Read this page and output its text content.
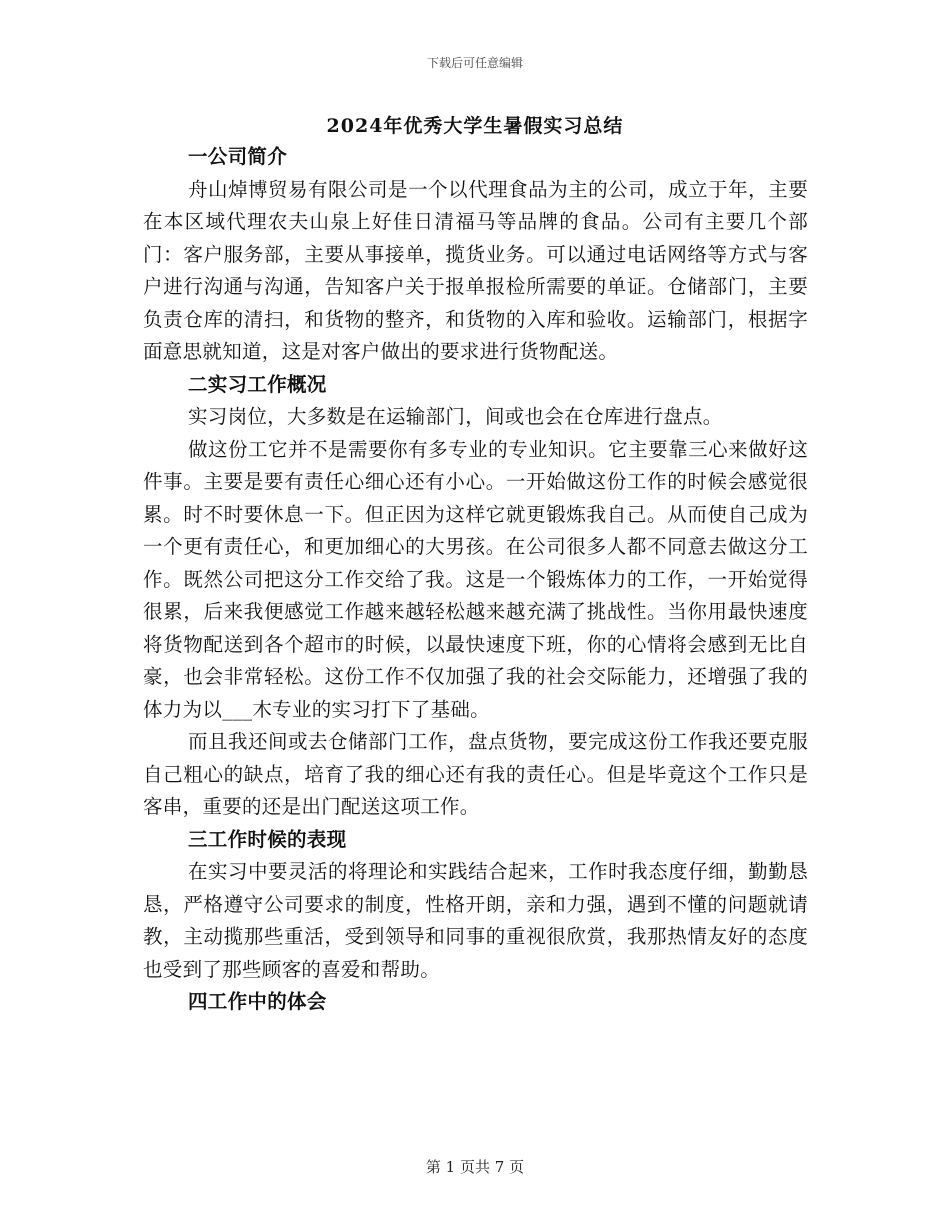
下载后可任意编辑
2024年优秀大学生暑假实习总结

一公司简介

舟山焯博贸易有限公司是一个以代理食品为主的公司，成立于年，主要在本区域代理农夫山泉上好佳日清福马等品牌的食品。公司有主要几个部门：客户服务部，主要从事接单，揽货业务。可以通过电话网络等方式与客户进行沟通与沟通，告知客户关于报单报检所需要的单证。仓储部门，主要负责仓库的清扫，和货物的整齐，和货物的入库和验收。运输部门，根据字面意思就知道，这是对客户做出的要求进行货物配送。

二实习工作概况

实习岗位，大多数是在运输部门，间或也会在仓库进行盘点。

做这份工它并不是需要你有多专业的专业知识。它主要靠三心来做好这件事。主要是要有责任心细心还有小心。一开始做这份工作的时候会感觉很累。时不时要休息一下。但正因为这样它就更锻炼我自己。从而使自己成为一个更有责任心，和更加细心的大男孩。在公司很多人都不同意去做这分工作。既然公司把这分工作交给了我。这是一个锻炼体力的工作，一开始觉得很累，后来我便感觉工作越来越轻松越来越充满了挑战性。当你用最快速度将货物配送到各个超市的时候，以最快速度下班，你的心情将会感到无比自豪，也会非常轻松。这份工作不仅加强了我的社会交际能力，还增强了我的体力为以___木专业的实习打下了基础。

而且我还间或去仓储部门工作，盘点货物，要完成这份工作我还要克服自己粗心的缺点，培育了我的细心还有我的责任心。但是毕竟这个工作只是客串，重要的还是出门配送这项工作。

三工作时候的表现

在实习中要灵活的将理论和实践结合起来，工作时我态度仔细，勤勤恳恳，严格遵守公司要求的制度，性格开朗，亲和力强，遇到不懂的问题就请教，主动揽那些重活，受到领导和同事的重视很欣赏，我那热情友好的态度也受到了那些顾客的喜爱和帮助。

四工作中的体会

第 1 页共 7 页
